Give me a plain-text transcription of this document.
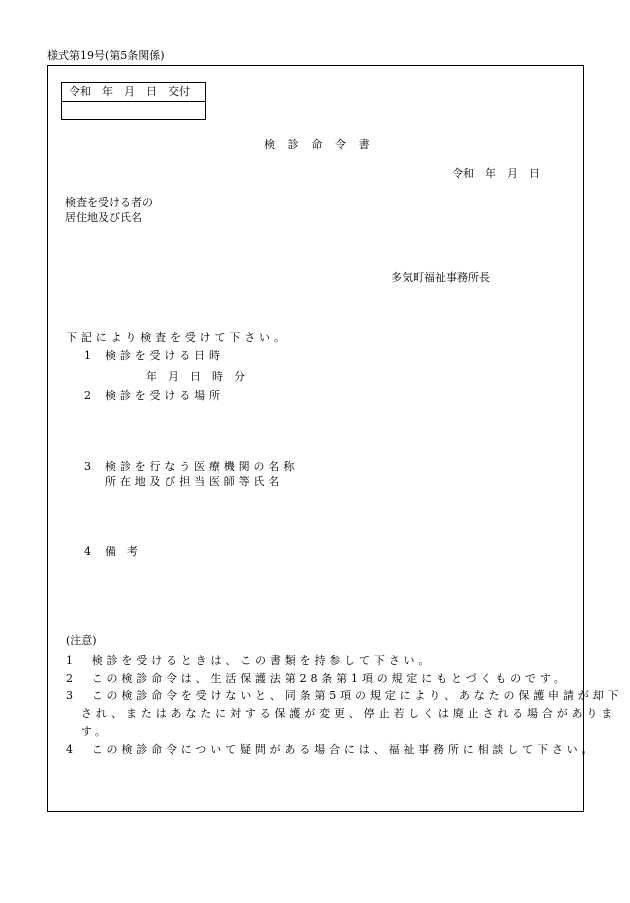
様式第19号(第5条関係)
令和　年　月　日　交付
検診命令書
令和　年　月　日
検査を受ける者の
居住地及び氏名
多気町福祉事務所長
下記により検査を受けて下さい。
1 検診を受ける日時
年　月　日　時　分
2 検診を受ける場所
3 検診を行なう医療機関の名称
所在地及び担当医師等氏名
4 備　考
(注意)
1　検診を受けるときは、この書類を持参して下さい。
2　この検診命令は、生活保護法第28条第1項の規定にもとづくものです。
3　この検診命令を受けないと、同条第5項の規定により、あなたの保護申請が却下
　され、またはあなたに対する保護が変更、停止若しくは廃止される場合がありま
　す。
4　この検診命令について疑問がある場合には、福祉事務所に相談して下さい。
